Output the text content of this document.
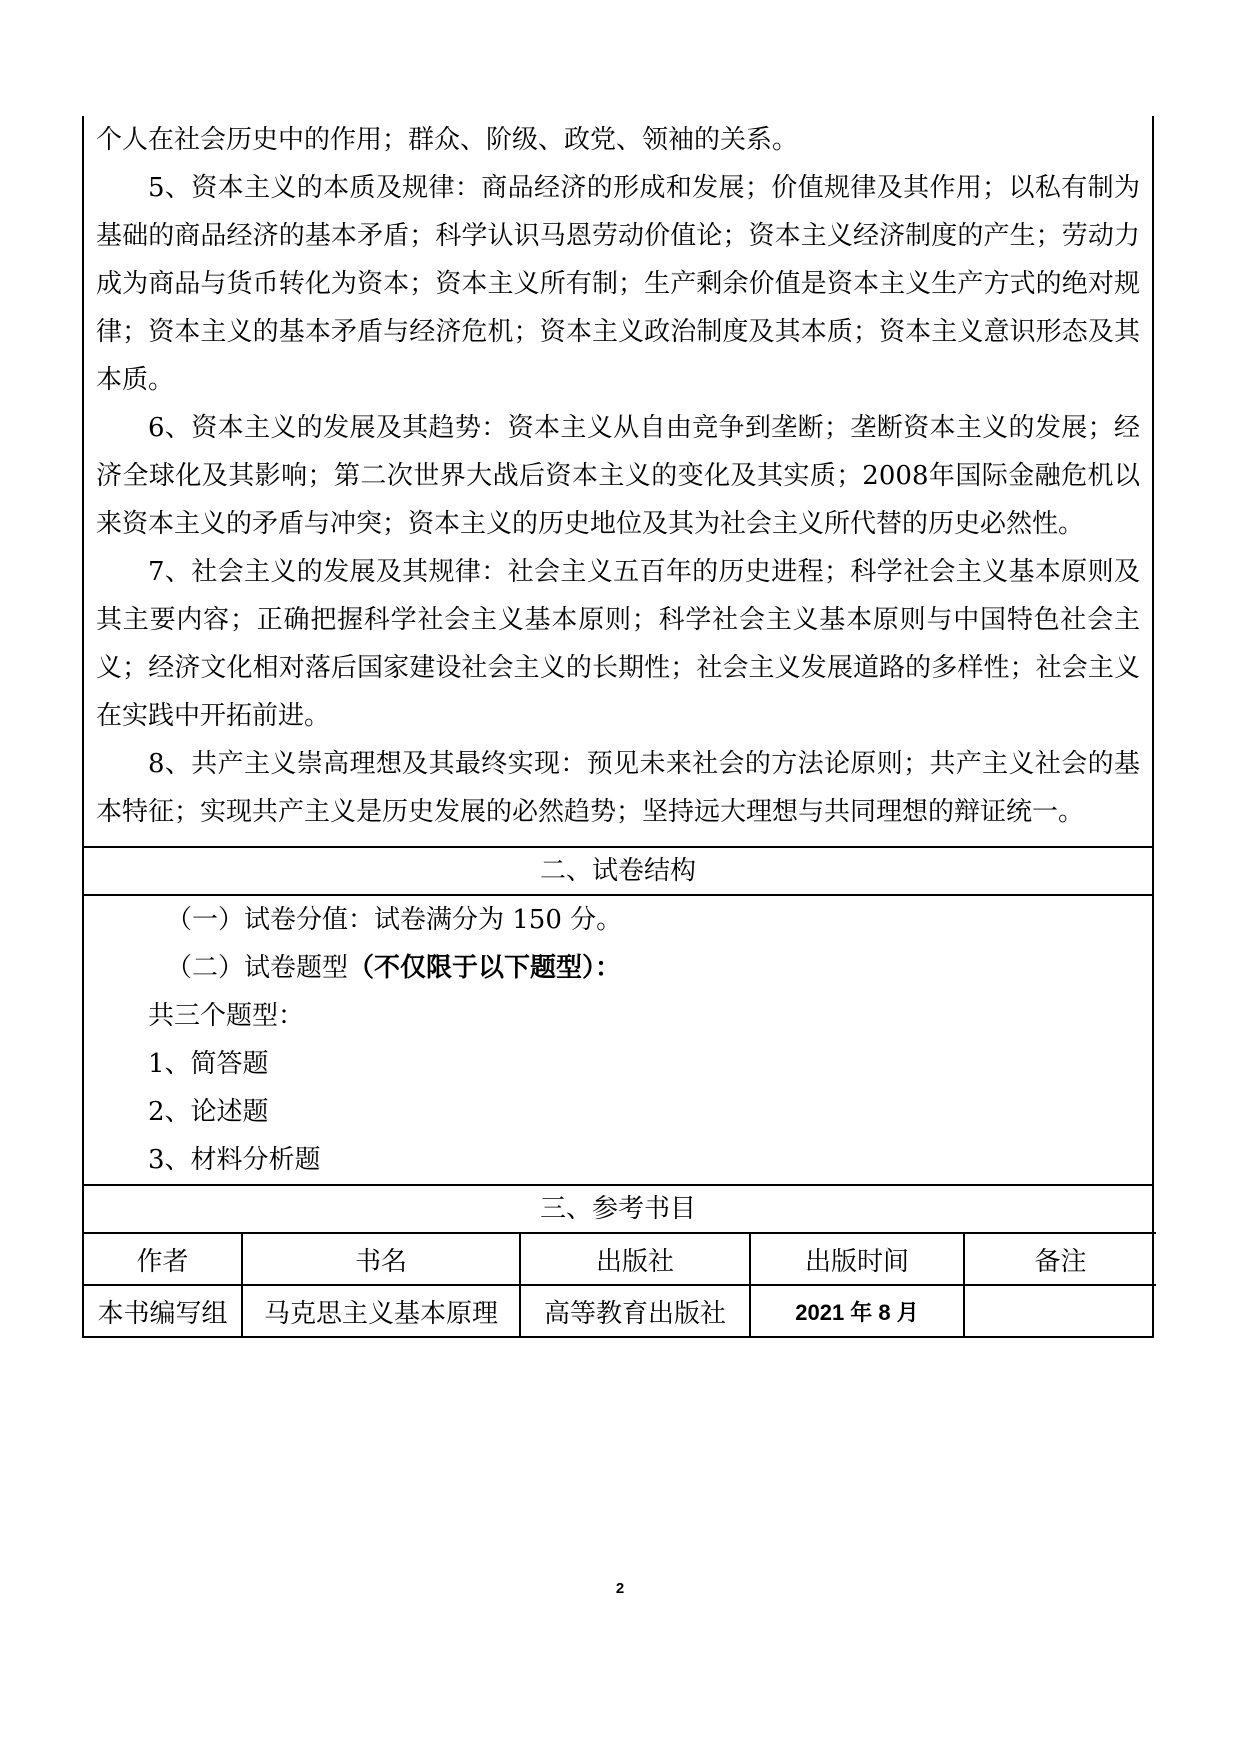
个人在社会历史中的作用；群众、阶级、政党、领袖的关系。

5、资本主义的本质及规律：商品经济的形成和发展；价值规律及其作用；以私有制为基础的商品经济的基本矛盾；科学认识马恩劳动价值论；资本主义经济制度的产生；劳动力成为商品与货币转化为资本；资本主义所有制；生产剩余价值是资本主义生产方式的绝对规律；资本主义的基本矛盾与经济危机；资本主义政治制度及其本质；资本主义意识形态及其本质。

6、资本主义的发展及其趋势：资本主义从自由竞争到垄断；垄断资本主义的发展；经济全球化及其影响；第二次世界大战后资本主义的变化及其实质；2008年国际金融危机以来资本主义的矛盾与冲突；资本主义的历史地位及其为社会主义所代替的历史必然性。

7、社会主义的发展及其规律：社会主义五百年的历史进程；科学社会主义基本原则及其主要内容；正确把握科学社会主义基本原则；科学社会主义基本原则与中国特色社会主义；经济文化相对落后国家建设社会主义的长期性；社会主义发展道路的多样性；社会主义在实践中开拓前进。

8、共产主义崇高理想及其最终实现：预见未来社会的方法论原则；共产主义社会的基本特征；实现共产主义是历史发展的必然趋势；坚持远大理想与共同理想的辩证统一。

二、试卷结构

（一）试卷分值：试卷满分为 150 分。

（二）试卷题型（不仅限于以下题型）：

共三个题型：

1、简答题

2、论述题

3、材料分析题

三、参考书目
作者	书名	出版社	出版时间	备注
本书编写组	马克思主义基本原理	高等教育出版社	2021 年 8 月	
2
